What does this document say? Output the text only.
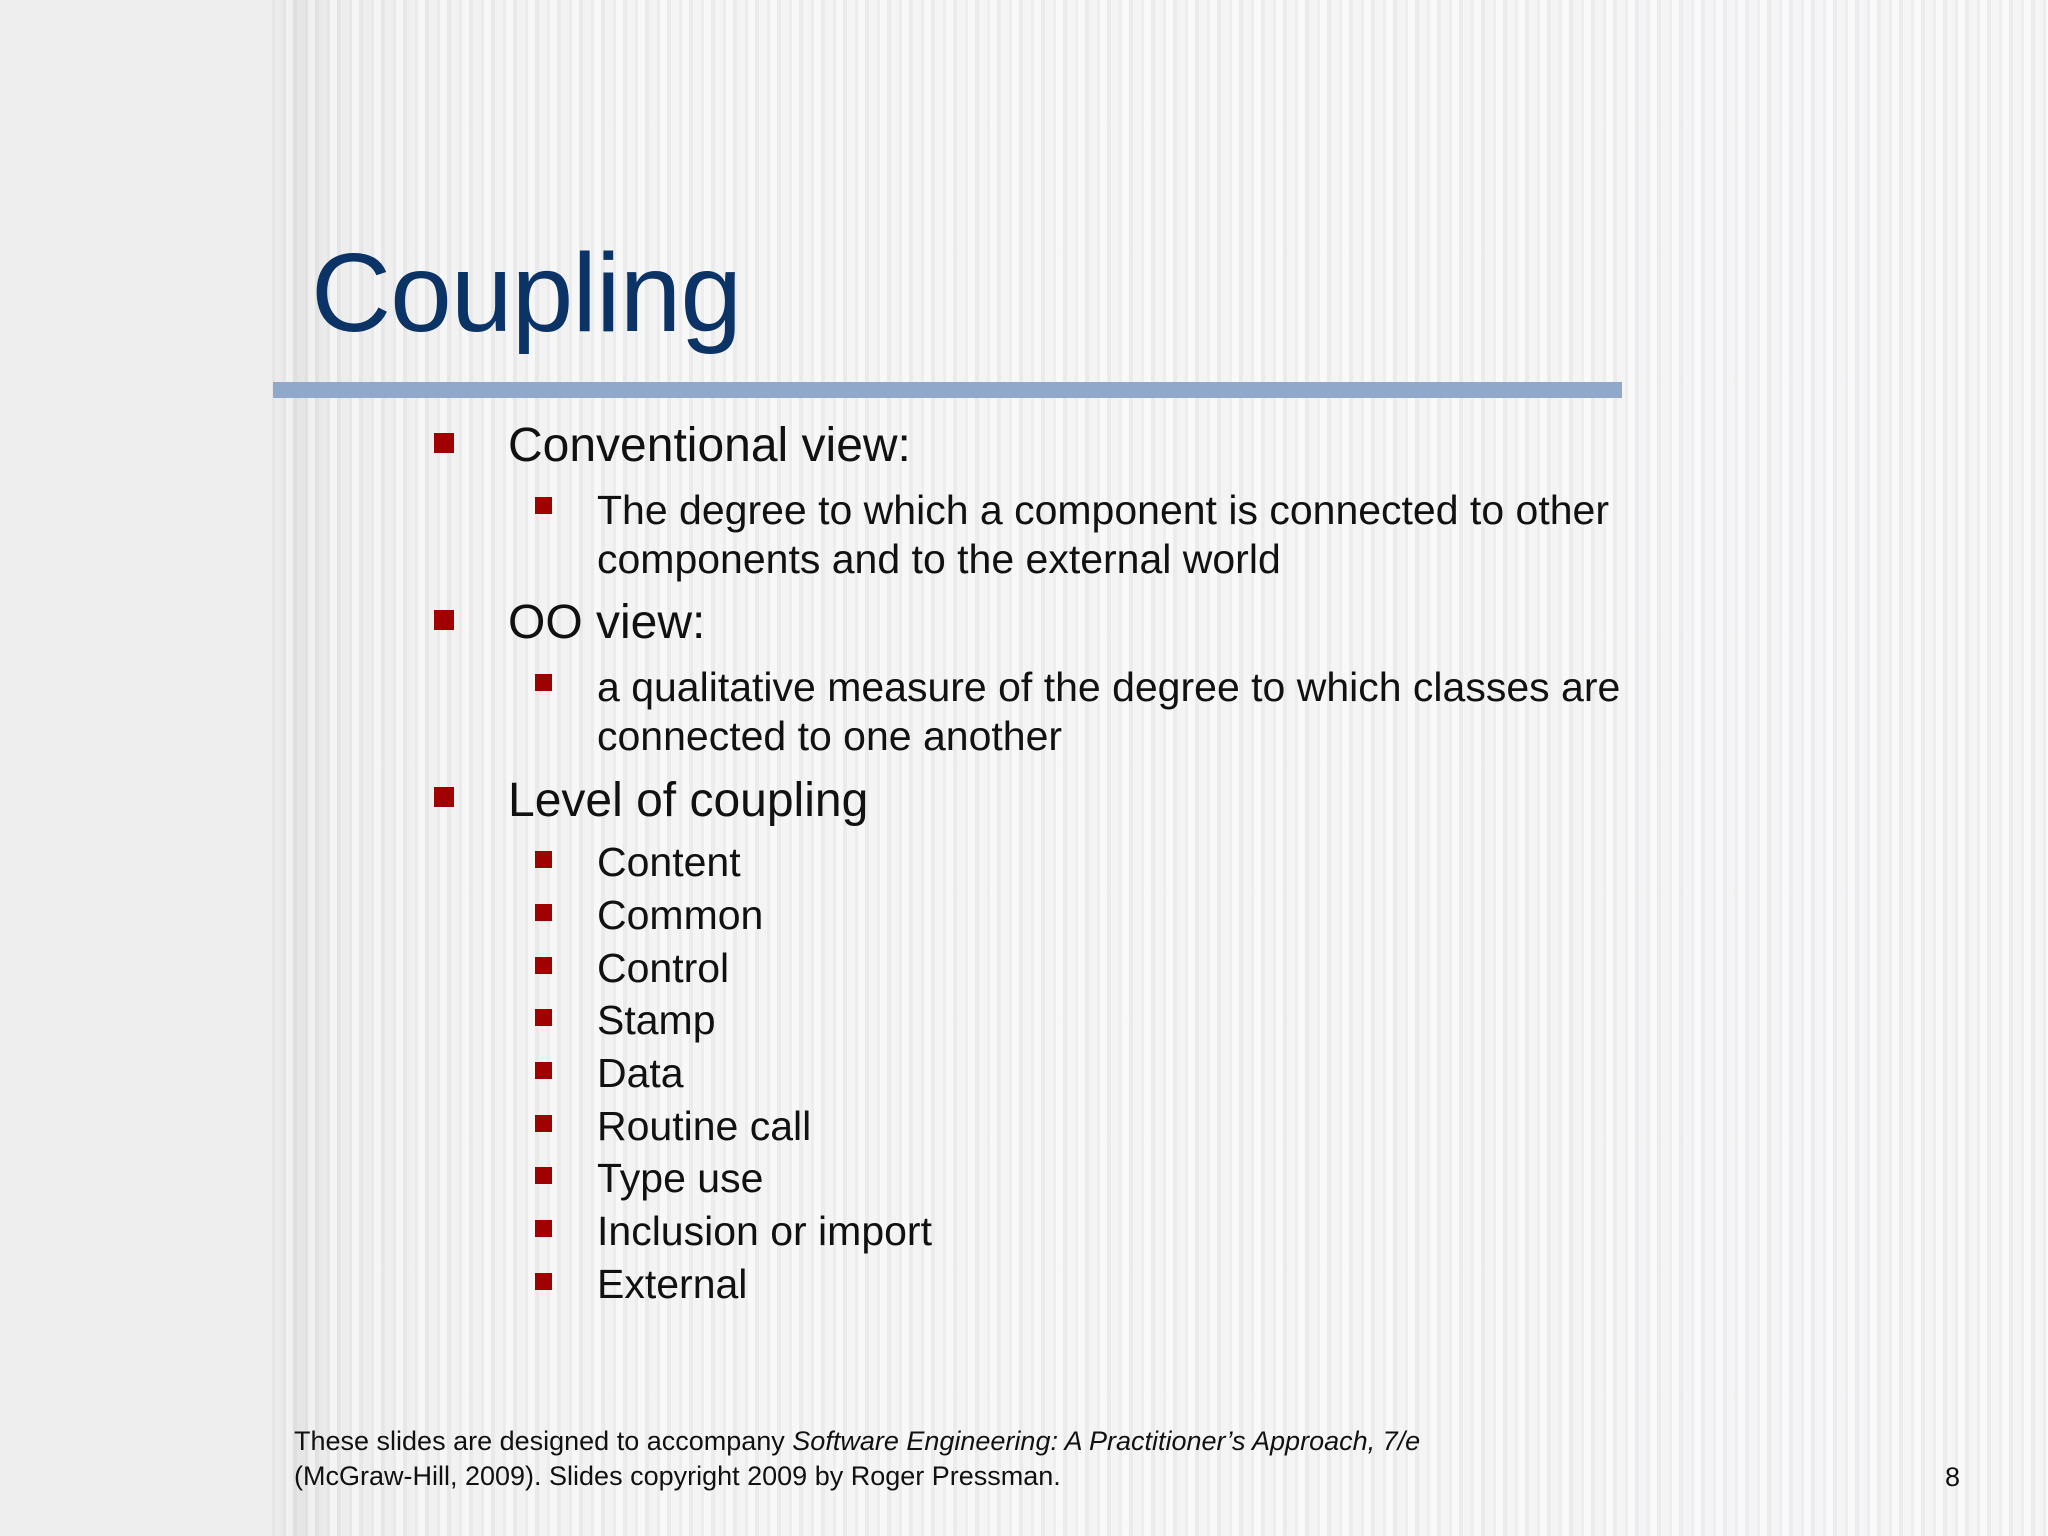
Coupling
Conventional view:
The degree to which a component is connected to other components and to the external world
OO view:
a qualitative measure of the degree to which classes are connected to one another
Level of coupling
Content
Common
Control
Stamp
Data
Routine call
Type use
Inclusion or import
External
These slides are designed to accompany Software Engineering: A Practitioner’s Approach, 7/e
(McGraw-Hill, 2009). Slides copyright 2009 by Roger Pressman.	8
